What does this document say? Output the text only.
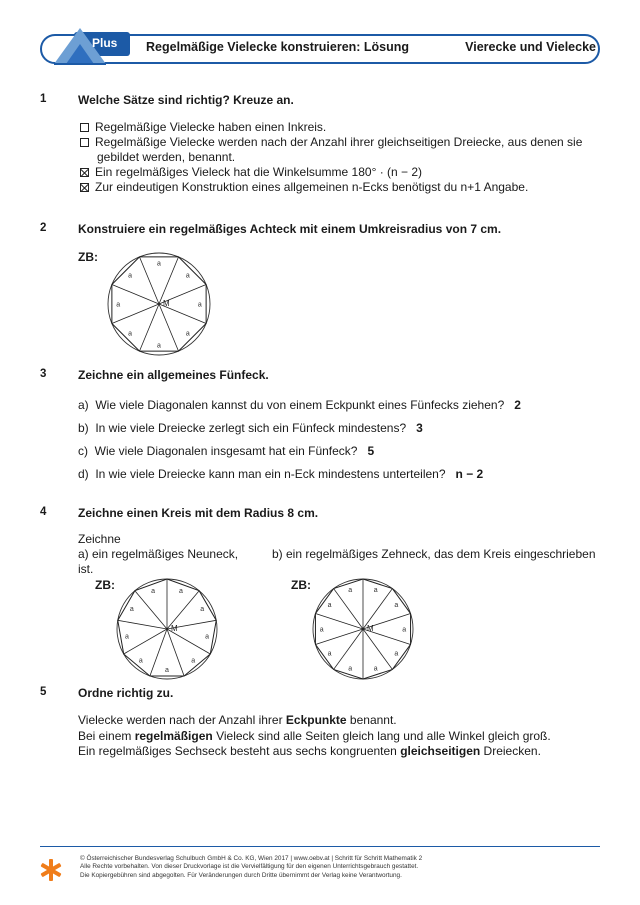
Plus Regelmäßige Vielecke konstruieren: Lösung	Vierecke und Vielecke
1	Welche Sätze sind richtig? Kreuze an.
Regelmäßige Vielecke haben einen Inkreis.
Regelmäßige Vielecke werden nach der Anzahl ihrer gleichseitigen Dreiecke, aus denen sie
gebildet werden, benannt.
Ein regelmäßiges Vieleck hat die Winkelsumme 180° · (n − 2)
Zur eindeutigen Konstruktion eines allgemeinen n-Ecks benötigst du n+1 Angabe.
2	Konstruiere ein regelmäßiges Achteck mit einem Umkreisradius von 7 cm.
ZB:
a
a
a
a
a
a
a
a
M
3	Zeichne ein allgemeines Fünfeck.
a) Wie viele Diagonalen kannst du von einem Eckpunkt eines Fünfecks ziehen? 2
b) In wie viele Dreiecke zerlegt sich ein Fünfeck mindestens? 3
c) Wie viele Diagonalen insgesamt hat ein Fünfeck? 5
d) In wie viele Dreiecke kann man ein n-Eck mindestens unterteilen? n − 2
4	Zeichne einen Kreis mit dem Radius 8 cm.
Zeichne
a) ein regelmäßiges Neuneck,	b) ein regelmäßiges Zehneck, das dem Kreis eingeschrieben
ist.
ZB:	ZB:
a
a
a
a
a
a
a
a
a
M
a
a
a
a
a
a
a
a
a
a
M
5	Ordne richtig zu.
Vielecke werden nach der Anzahl ihrer Eckpunkte benannt.
Bei einem regelmäßigen Vieleck sind alle Seiten gleich lang und alle Winkel gleich groß.
Ein regelmäßiges Sechseck besteht aus sechs kongruenten gleichseitigen Dreiecken.
© Österreichischer Bundesverlag Schulbuch GmbH & Co. KG, Wien 2017 | www.oebv.at | Schritt für Schritt Mathematik 2
Alle Rechte vorbehalten. Von dieser Druckvorlage ist die Vervielfältigung für den eigenen Unterrichtsgebrauch gestattet.
Die Kopiergebühren sind abgegolten. Für Veränderungen durch Dritte übernimmt der Verlag keine Verantwortung.
